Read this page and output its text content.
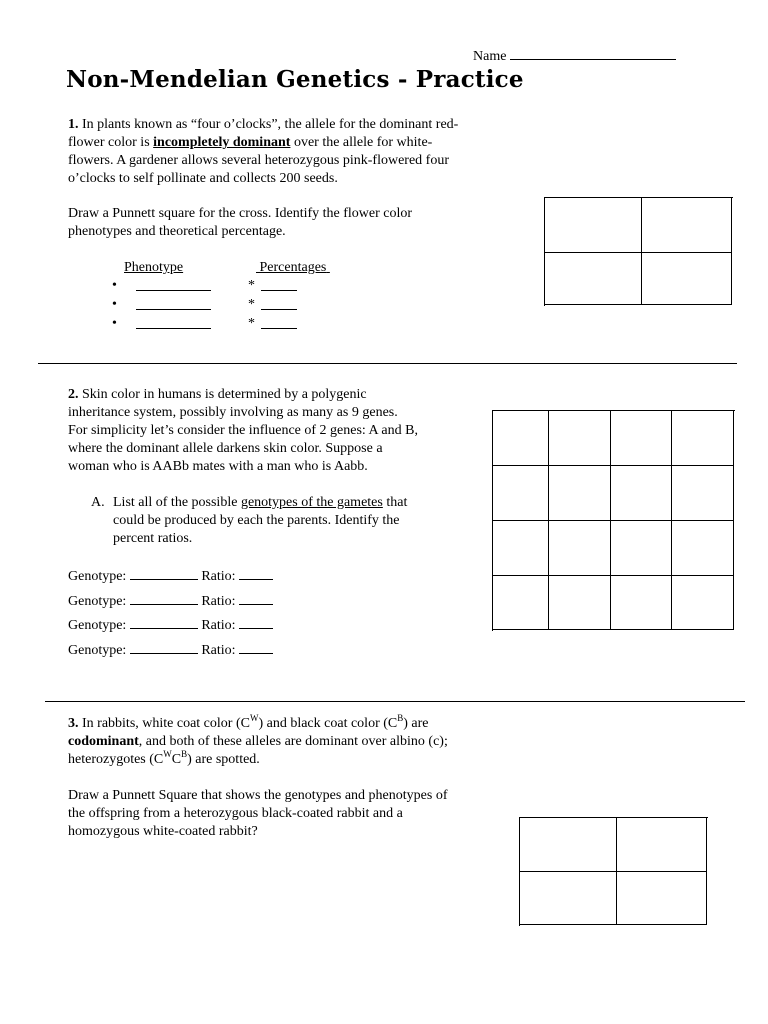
Name
Non-Mendelian Genetics - Practice

1. In plants known as “four o’clocks”, the allele for the dominant red-flower color is incompletely dominant over the allele for white-flowers. A gardener allows several heterozygous pink-flowered four o’clocks to self pollinate and collects 200 seeds.

Draw a Punnett square for the cross. Identify the flower color phenotypes and theoretical percentage.
Phenotype	Percentages
•	*
•	*
•	*

2. Skin color in humans is determined by a polygenic inheritance system, possibly involving as many as 9 genes. For simplicity let’s consider the influence of 2 genes: A and B, where the dominant allele darkens skin color. Suppose a woman who is AABb mates with a man who is Aabb.

A. List all of the possible genotypes of the gametes that could be produced by each the parents. Identify the percent ratios.
Genotype:	Ratio:
Genotype:	Ratio:
Genotype:	Ratio:
Genotype:	Ratio:

3. In rabbits, white coat color $(C^W)$ and black coat color $(C^B)$ are codominant, and both of these alleles are dominant over albino (c); heterozygotes $(C^WC^B)$ are spotted.

Draw a Punnett Square that shows the genotypes and phenotypes of the offspring from a heterozygous black-coated rabbit and a homozygous white-coated rabbit?
